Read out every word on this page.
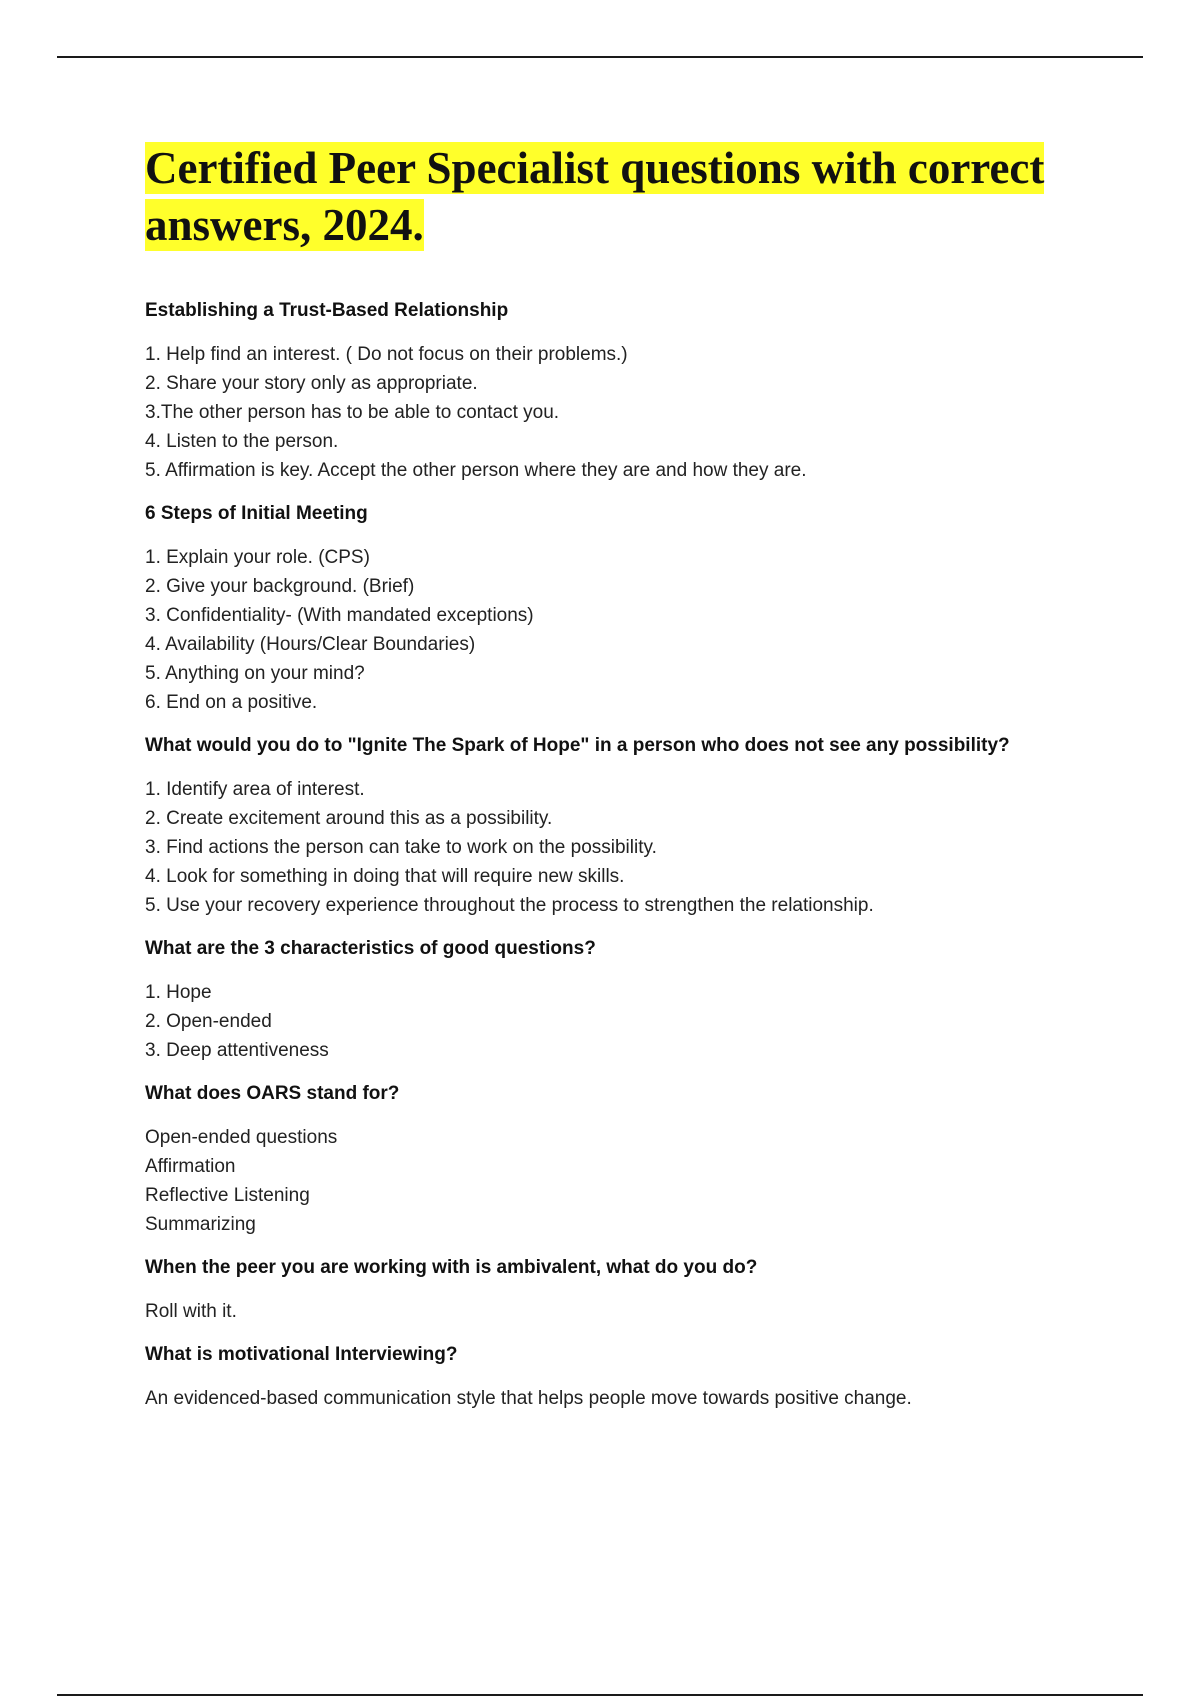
Certified Peer Specialist questions with correct answers, 2024.
Establishing a Trust-Based Relationship
1. Help find an interest. ( Do not focus on their problems.)
2. Share your story only as appropriate.
3.The other person has to be able to contact you.
4. Listen to the person.
5. Affirmation is key. Accept the other person where they are and how they are.
6 Steps of Initial Meeting
1. Explain your role. (CPS)
2. Give your background. (Brief)
3. Confidentiality- (With mandated exceptions)
4. Availability (Hours/Clear Boundaries)
5. Anything on your mind?
6. End on a positive.
What would you do to "Ignite The Spark of Hope" in a person who does not see any possibility?
1. Identify area of interest.
2. Create excitement around this as a possibility.
3. Find actions the person can take to work on the possibility.
4. Look for something in doing that will require new skills.
5. Use your recovery experience throughout the process to strengthen the relationship.
What are the 3 characteristics of good questions?
1. Hope
2. Open-ended
3. Deep attentiveness
What does OARS stand for?
Open-ended questions
Affirmation
Reflective Listening
Summarizing
When the peer you are working with is ambivalent, what do you do?
Roll with it.
What is motivational Interviewing?
An evidenced-based communication style that helps people move towards positive change.
